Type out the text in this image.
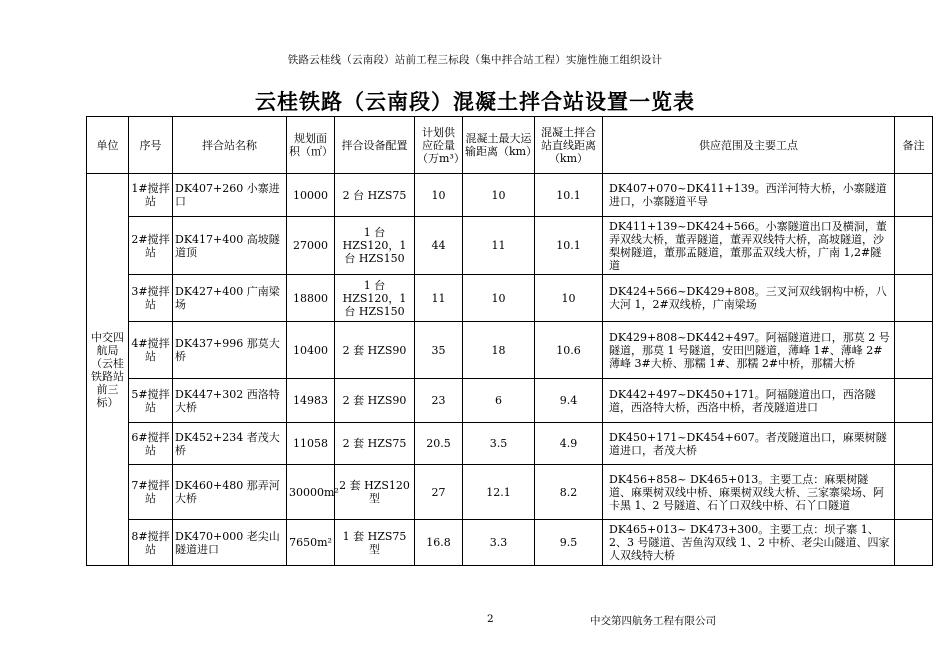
铁路云桂线（云南段）站前工程三标段（集中拌合站工程）实施性施工组织设计
云桂铁路（云南段）混凝土拌合站设置一览表
单位	序号	拌合站名称	规划面积（㎡）	拌合设备配置	计划供应砼量（万m³）	混凝土最大运输距离（km）	混凝土拌合站直线距离（km）	供应范围及主要工点	备注
中交四航局（云桂铁路站前三标）	1#搅拌站	DK407+260 小寨进口	10000	2 台 HZS75	10	10	10.1	DK407+070~DK411+139。西洋河特大桥，小寨隧道进口，小寨隧道平导	
	2#搅拌站	DK417+400 高坡隧道顶	27000	1 台 HZS120，1 台 HZS150	44	11	10.1	DK411+139~DK424+566。小寨隧道出口及横洞，董弄双线大桥，董弄隧道，董弄双线特大桥，高坡隧道，沙梨树隧道，董那孟隧道，董那孟双线大桥，广南 1,2#隧道	
	3#搅拌站	DK427+400 广南梁场	18800	1 台 HZS120，1 台 HZS150	11	10	10	DK424+566~DK429+808。三叉河双线钢构中桥，八大河 1，2#双线桥，广南梁场	
	4#搅拌站	DK437+996 那莫大桥	10400	2 套 HZS90	35	18	10.6	DK429+808~DK442+497。阿福隧道进口，那莫 2 号隧道，那莫 1 号隧道，安田凹隧道，薄峰 1#、薄峰 2#薄峰 3#大桥、那糯 1#、那糯 2#中桥，那糯大桥	
	5#搅拌站	DK447+302 西洛特大桥	14983	2 套 HZS90	23	6	9.4	DK442+497~DK450+171。阿福隧道出口，西洛隧道，西洛特大桥，西洛中桥，者茂隧道进口	
	6#搅拌站	DK452+234 者茂大桥	11058	2 套 HZS75	20.5	3.5	4.9	DK450+171~DK454+607。者茂隧道出口，麻栗树隧道进口，者茂大桥	
	7#搅拌站	DK460+480 那弄河大桥	30000m²	2 套 HZS120 型	27	12.1	8.2	DK456+858~ DK465+013。主要工点：麻栗树隧道、麻栗树双线中桥、麻栗树双线大桥、三家寨梁场、阿卡黑 1、2 号隧道、石丫口双线中桥、石丫口隧道	
	8#搅拌站	DK470+000 老尖山隧道进口	7650m²	1 套 HZS75 型	16.8	3.3	9.5	DK465+013~ DK473+300。主要工点：坝子寨 1、2、3 号隧道、苦鱼沟双线 1、2 中桥、老尖山隧道、四家人双线特大桥	
2	中交第四航务工程有限公司
